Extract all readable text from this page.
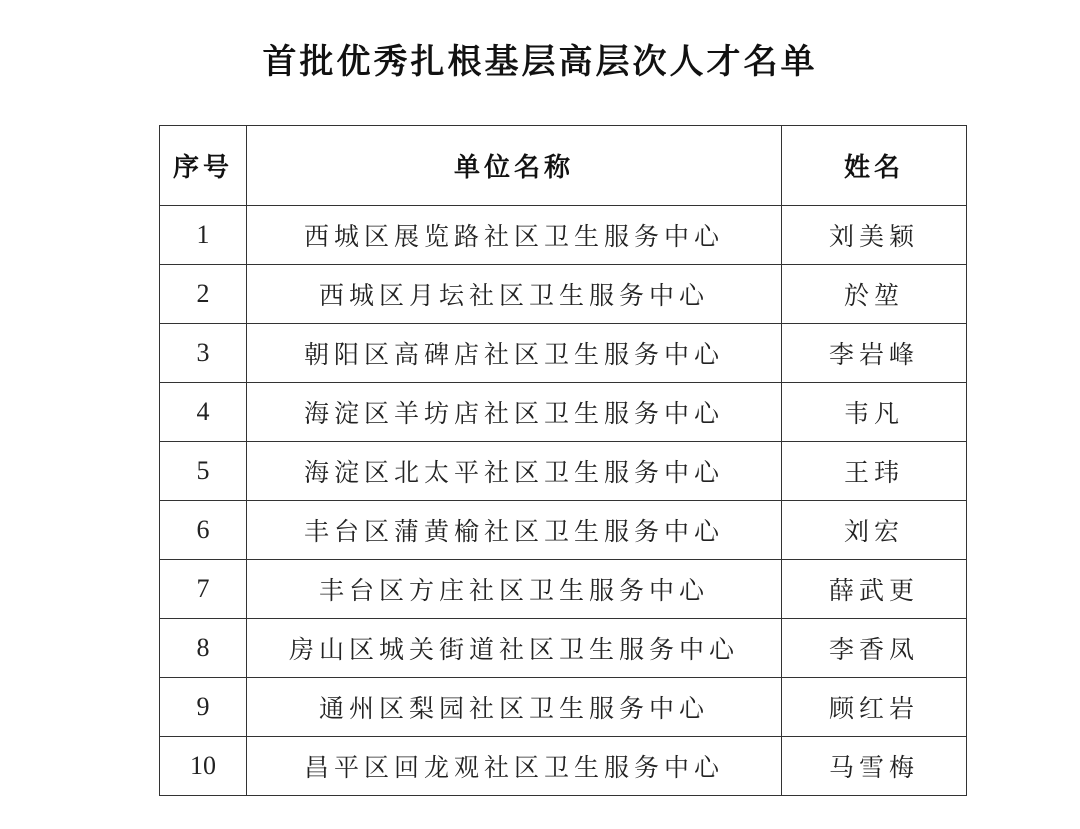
首批优秀扎根基层高层次人才名单
序号	单位名称	姓名
1	西城区展览路社区卫生服务中心	刘美颖
2	西城区月坛社区卫生服务中心	於堃
3	朝阳区高碑店社区卫生服务中心	李岩峰
4	海淀区羊坊店社区卫生服务中心	韦凡
5	海淀区北太平社区卫生服务中心	王玮
6	丰台区蒲黄榆社区卫生服务中心	刘宏
7	丰台区方庄社区卫生服务中心	薛武更
8	房山区城关街道社区卫生服务中心	李香凤
9	通州区梨园社区卫生服务中心	顾红岩
10	昌平区回龙观社区卫生服务中心	马雪梅
